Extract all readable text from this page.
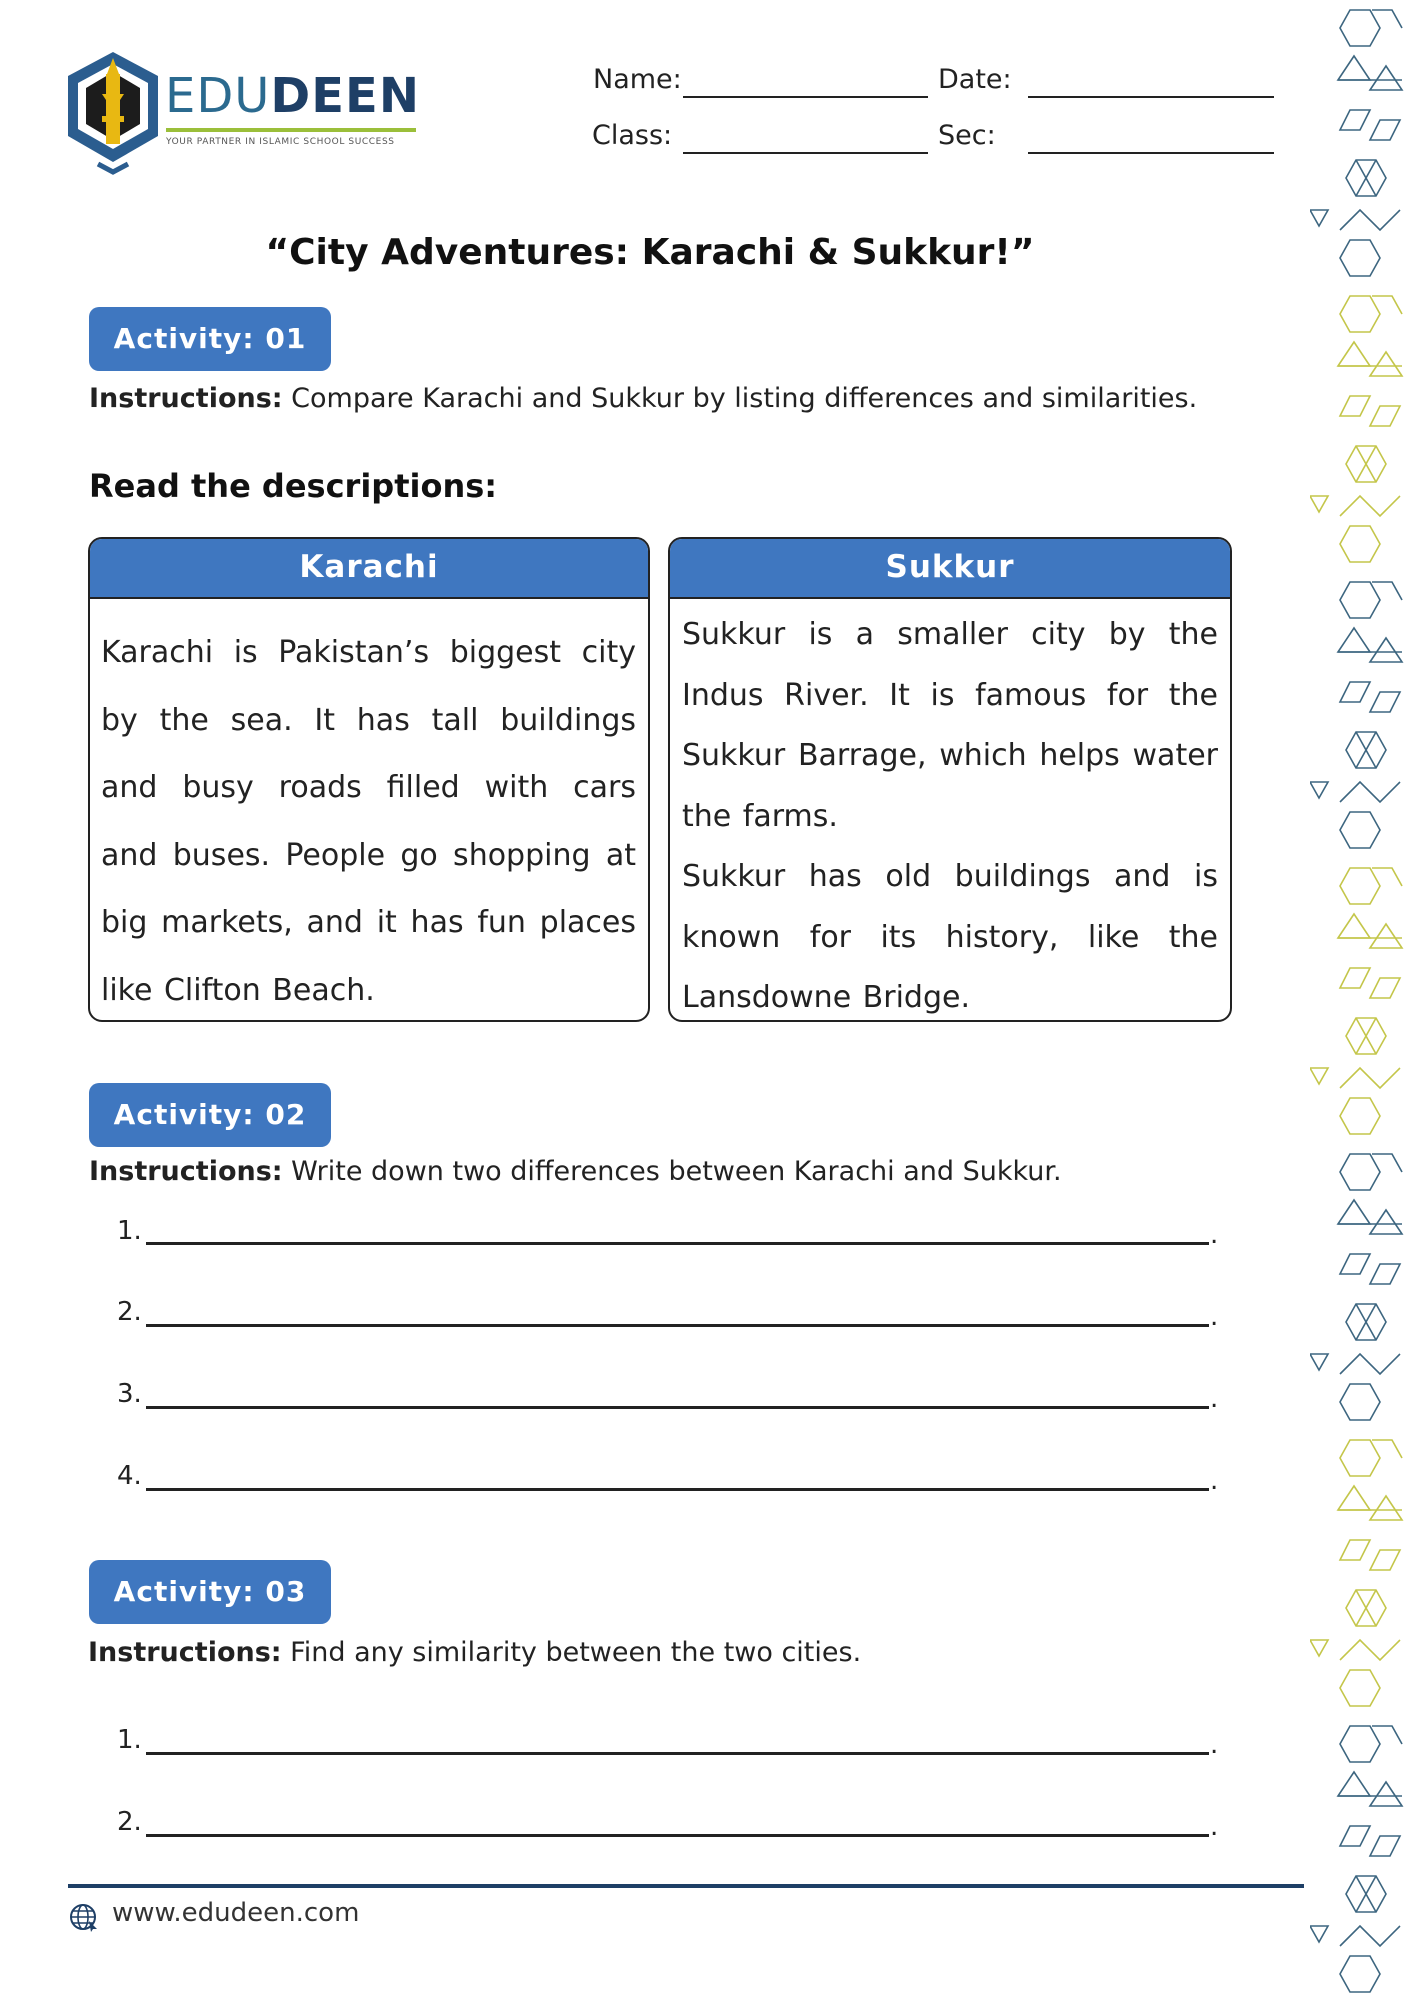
EDUDEEN
YOUR PARTNER IN ISLAMIC SCHOOL SUCCESS
Name:	Date:
Class:	Sec:
“City Adventures: Karachi & Sukkur!”
Activity: 01
Instructions: Compare Karachi and Sukkur by listing differences and similarities.
Read the descriptions:
Karachi
Karachi is Pakistan’s biggest city by the sea. It has tall buildings and busy roads filled with cars and buses. People go shopping at big markets, and it has fun places like Clifton Beach.
Sukkur
Sukkur is a smaller city by the Indus River. It is famous for the Sukkur Barrage, which helps water the farms.
Sukkur has old buildings and is known for its history, like the Lansdowne Bridge.
Activity: 02
Instructions: Write down two differences between Karachi and Sukkur.
1.	.
2.	.
3.	.
4.	.
Activity: 03
Instructions: Find any similarity between the two cities.
1.	.
2.	.
www.edudeen.com
